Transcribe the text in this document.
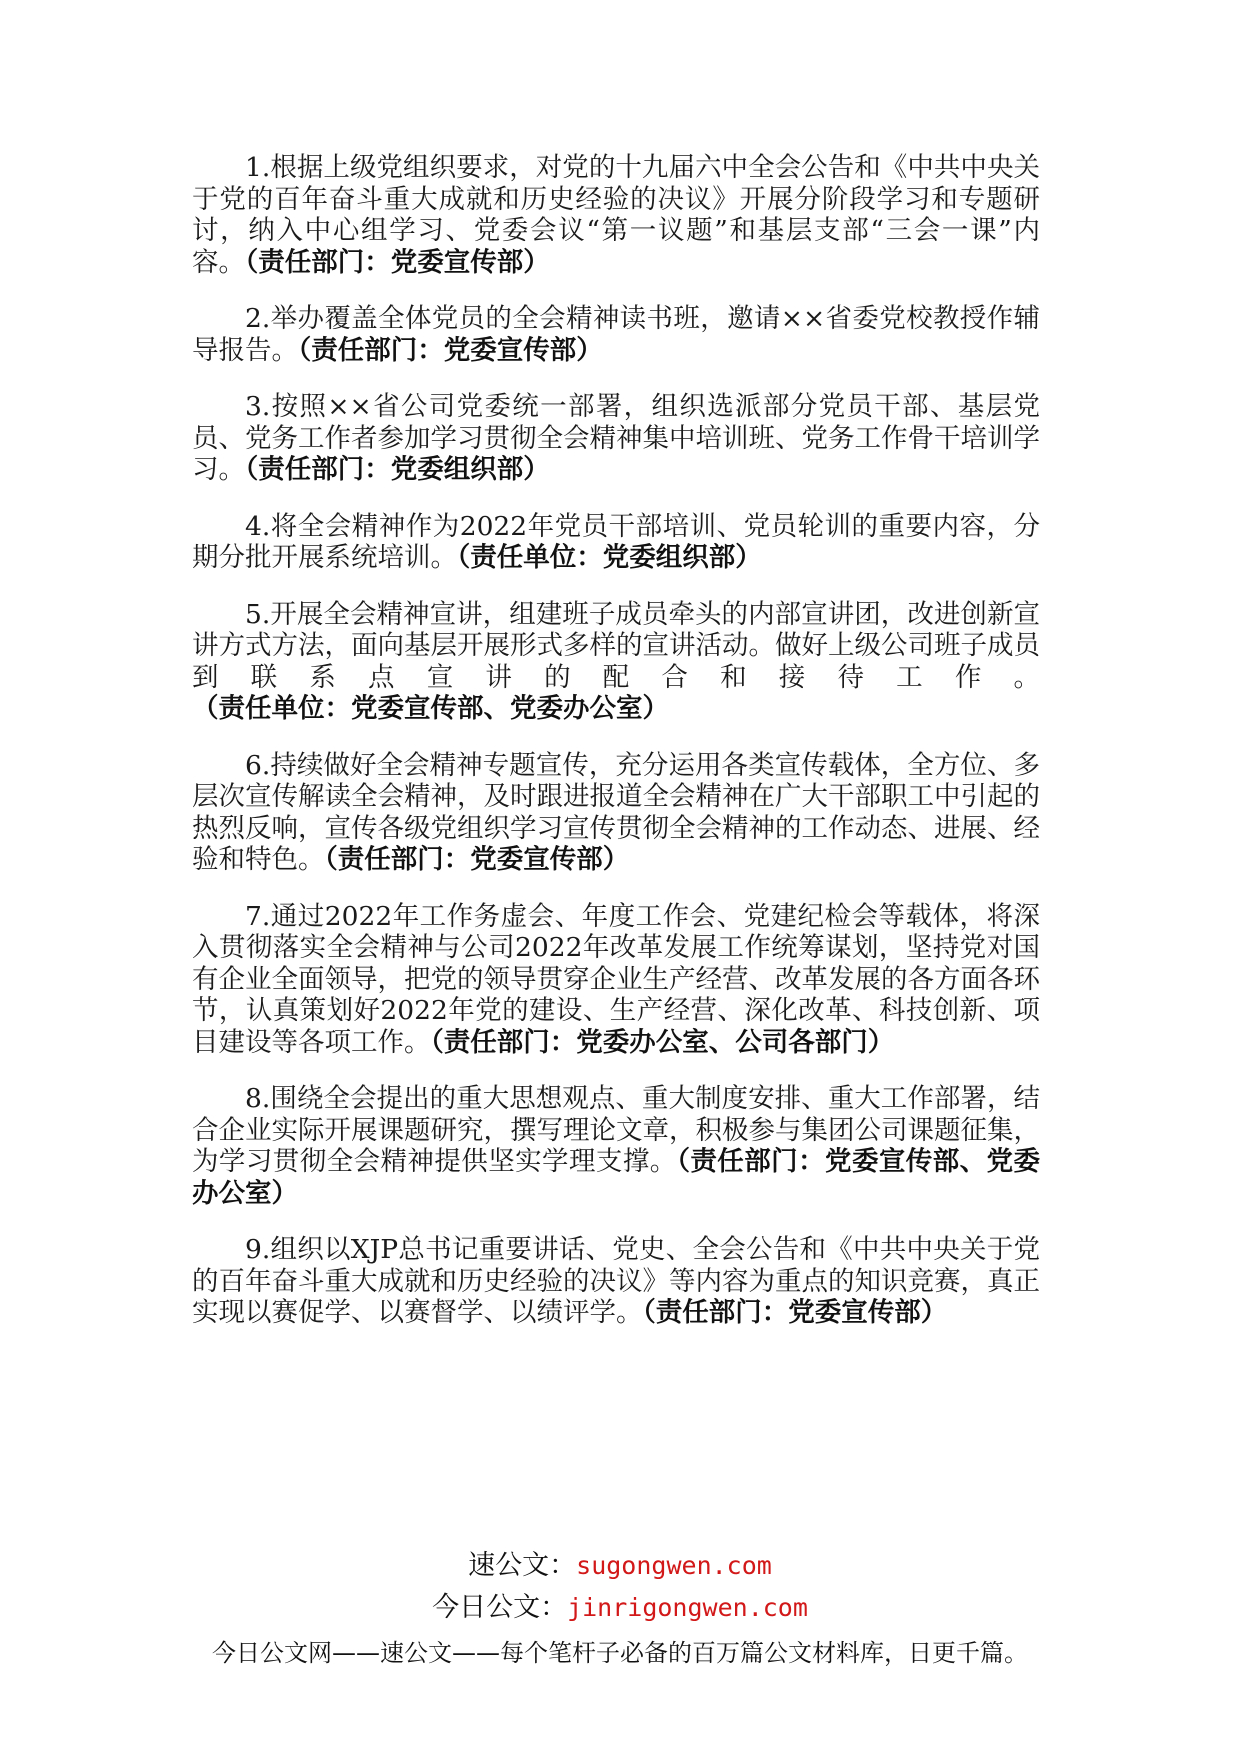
1.根据上级党组织要求，对党的十九届六中全会公告和《中共中央关于党的百年奋斗重大成就和历史经验的决议》开展分阶段学习和专题研讨，纳入中心组学习、党委会议“第一议题”和基层支部“三会一课”内容。（责任部门：党委宣传部）

2.举办覆盖全体党员的全会精神读书班，邀请××省委党校教授作辅导报告。（责任部门：党委宣传部）

3.按照××省公司党委统一部署，组织选派部分党员干部、基层党员、党务工作者参加学习贯彻全会精神集中培训班、党务工作骨干培训学习。（责任部门：党委组织部）

4.将全会精神作为2022年党员干部培训、党员轮训的重要内容，分期分批开展系统培训。（责任单位：党委组织部）

5.开展全会精神宣讲，组建班子成员牵头的内部宣讲团，改进创新宣讲方式方法，面向基层开展形式多样的宣讲活动。做好上级公司班子成员到联系点宣讲的配合和接待工作。（责任单位：党委宣传部、党委办公室）

6.持续做好全会精神专题宣传，充分运用各类宣传载体，全方位、多层次宣传解读全会精神，及时跟进报道全会精神在广大干部职工中引起的热烈反响，宣传各级党组织学习宣传贯彻全会精神的工作动态、进展、经验和特色。（责任部门：党委宣传部）

7.通过2022年工作务虚会、年度工作会、党建纪检会等载体，将深入贯彻落实全会精神与公司2022年改革发展工作统筹谋划，坚持党对国有企业全面领导，把党的领导贯穿企业生产经营、改革发展的各方面各环节，认真策划好2022年党的建设、生产经营、深化改革、科技创新、项目建设等各项工作。（责任部门：党委办公室、公司各部门）

8.围绕全会提出的重大思想观点、重大制度安排、重大工作部署，结合企业实际开展课题研究，撰写理论文章，积极参与集团公司课题征集，为学习贯彻全会精神提供坚实学理支撑。（责任部门：党委宣传部、党委办公室）

9.组织以XJP总书记重要讲话、党史、全会公告和《中共中央关于党的百年奋斗重大成就和历史经验的决议》等内容为重点的知识竞赛，真正实现以赛促学、以赛督学、以绩评学。（责任部门：党委宣传部）

速公文：sugongwen.com
今日公文：jinrigongwen.com
今日公文网——速公文——每个笔杆子必备的百万篇公文材料库，日更千篇。
